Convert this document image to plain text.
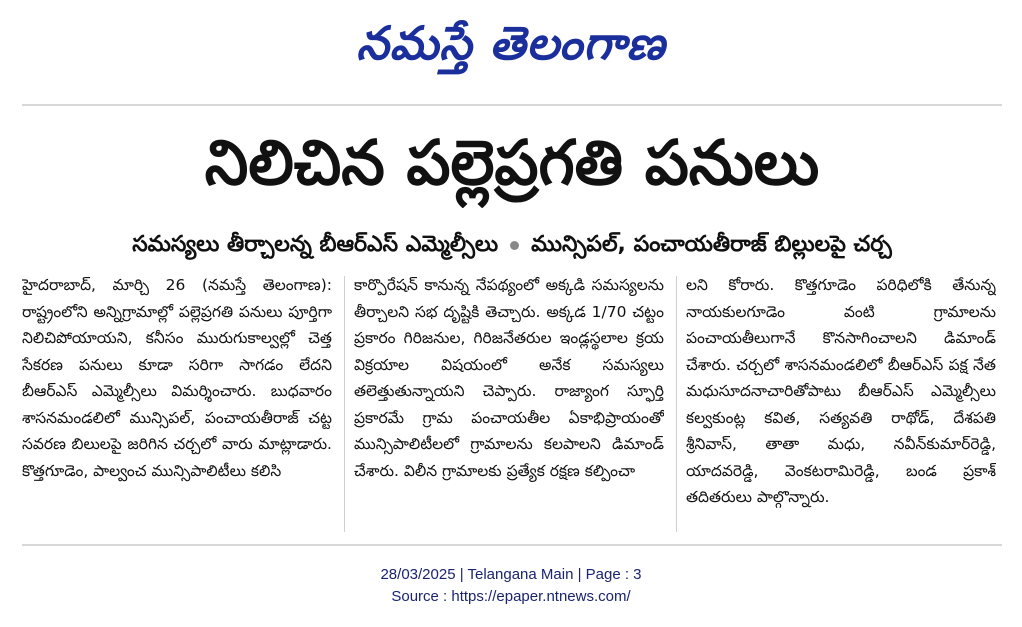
నమస్తే తెలంగాణ
నిలిచిన పల్లెప్రగతి పనులు
సమస్యలు తీర్చాలన్న బీఆర్ఎస్ ఎమ్మెల్సీలు మున్సిపల్, పంచాయతీరాజ్ బిల్లులపై చర్చ
హైదరాబాద్, మార్చి 26 (నమస్తే తెలంగాణ): రాష్ట్రంలోని అన్నిగ్రామాల్లో పల్లెప్రగతి పనులు పూర్తిగా నిలిచిపోయాయని, కనీసం మురుగుకాల్వల్లో చెత్త సేకరణ పనులు కూడా సరిగా సాగడం లేదని బీఆర్ఎస్ ఎమ్మెల్సీలు విమర్శించారు. బుధవారం శాసనమండలిలో మున్సిపల్, పంచాయతీరాజ్ చట్ట సవరణ బిలులపై జరిగిన చర్చలో వారు మాట్లాడారు. కొత్తగూడెం, పాల్వంచ మున్సిపాలిటీలు కలిసి
కార్పొరేషన్ కానున్న నేపథ్యంలో అక్కడి సమస్యలను తీర్చాలని సభ దృష్టికి తెచ్చారు. అక్కడ 1/70 చట్టం ప్రకారం గిరిజనుల, గిరిజనేతరుల ఇండ్లస్థలాల క్రయ విక్రయాల విషయంలో అనేక సమస్యలు తలెత్తుతున్నాయని చెప్పారు. రాజ్యాంగ స్ఫూర్తి ప్రకారమే గ్రామ పంచాయతీల ఏకాభిప్రాయంతో మున్సిపాలిటీలలో గ్రామాలను కలపాలని డిమాండ్ చేశారు. విలీన గ్రామాలకు ప్రత్యేక రక్షణ కల్పించా
లని కోరారు. కొత్తగూడెం పరిధిలోకి తేనున్న నాయకులగూడెం వంటి గ్రామాలను పంచాయతీలుగానే కొనసాగించాలని డిమాండ్ చేశారు. చర్చలో శాసనమండలిలో బీఆర్ఎస్ పక్ష నేత మధుసూదనాచారితోపాటు బీఆర్ఎస్ ఎమ్మెల్సీలు కల్వకుంట్ల కవిత, సత్యవతి రాథోడ్, దేశపతి శ్రీనివాస్, తాతా మధు, నవీన్‌కుమార్‌రెడ్డి, యాదవరెడ్డి, వెంకటరామిరెడ్డి, బండ ప్రకాశ్ తదితరులు పాల్గొన్నారు.
28/03/2025 | Telangana Main | Page : 3
Source : https://epaper.ntnews.com/
